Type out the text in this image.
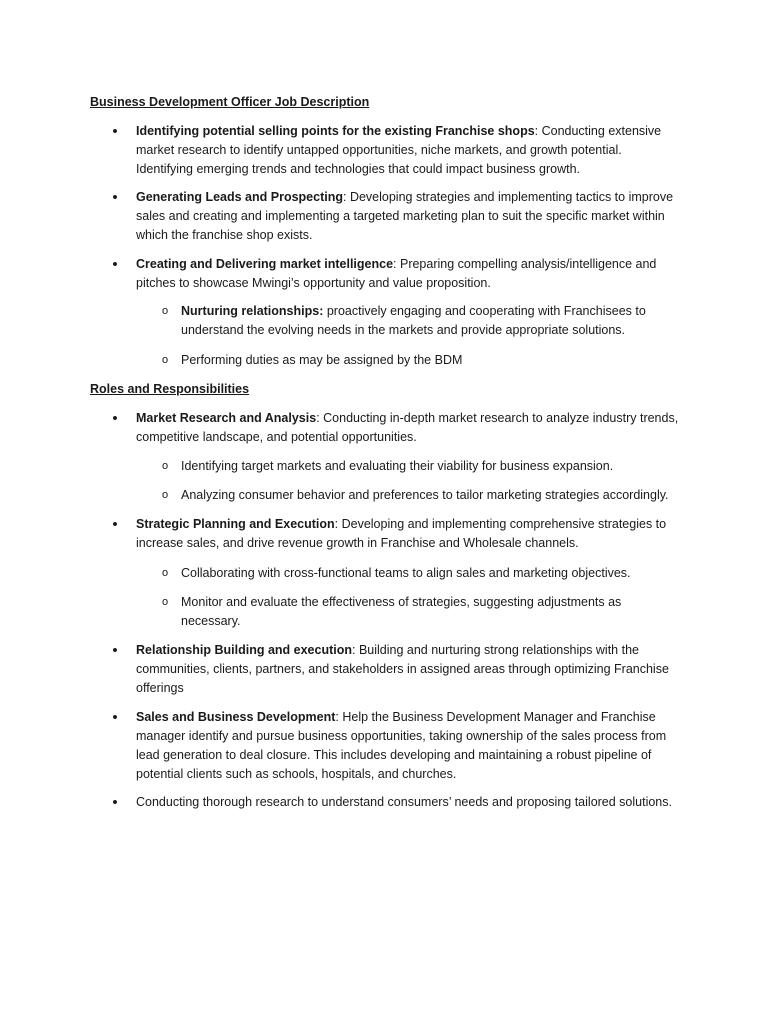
Business Development Officer Job Description
•	Identifying potential selling points for the existing Franchise shops: Conducting extensive market research to identify untapped opportunities, niche markets, and growth potential. Identifying emerging trends and technologies that could impact business growth.
•	Generating Leads and Prospecting: Developing strategies and implementing tactics to improve sales and creating and implementing a targeted marketing plan to suit the specific market within which the franchise shop exists.
•	Creating and Delivering market intelligence: Preparing compelling analysis/intelligence and pitches to showcase Mwingi’s opportunity and value proposition.
o	Nurturing relationships: proactively engaging and cooperating with Franchisees to understand the evolving needs in the markets and provide appropriate solutions.
o	Performing duties as may be assigned by the BDM
Roles and Responsibilities
•	Market Research and Analysis: Conducting in-depth market research to analyze industry trends, competitive landscape, and potential opportunities.
o	Identifying target markets and evaluating their viability for business expansion.
o	Analyzing consumer behavior and preferences to tailor marketing strategies accordingly.
•	Strategic Planning and Execution: Developing and implementing comprehensive strategies to increase sales, and drive revenue growth in Franchise and Wholesale channels.
o	Collaborating with cross-functional teams to align sales and marketing objectives.
o	Monitor and evaluate the effectiveness of strategies, suggesting adjustments as necessary.
•	Relationship Building and execution: Building and nurturing strong relationships with the communities, clients, partners, and stakeholders in assigned areas through optimizing Franchise offerings
•	Sales and Business Development: Help the Business Development Manager and Franchise manager identify and pursue business opportunities, taking ownership of the sales process from lead generation to deal closure. This includes developing and maintaining a robust pipeline of potential clients such as schools, hospitals, and churches.
•	Conducting thorough research to understand consumers’ needs and proposing tailored solutions.
